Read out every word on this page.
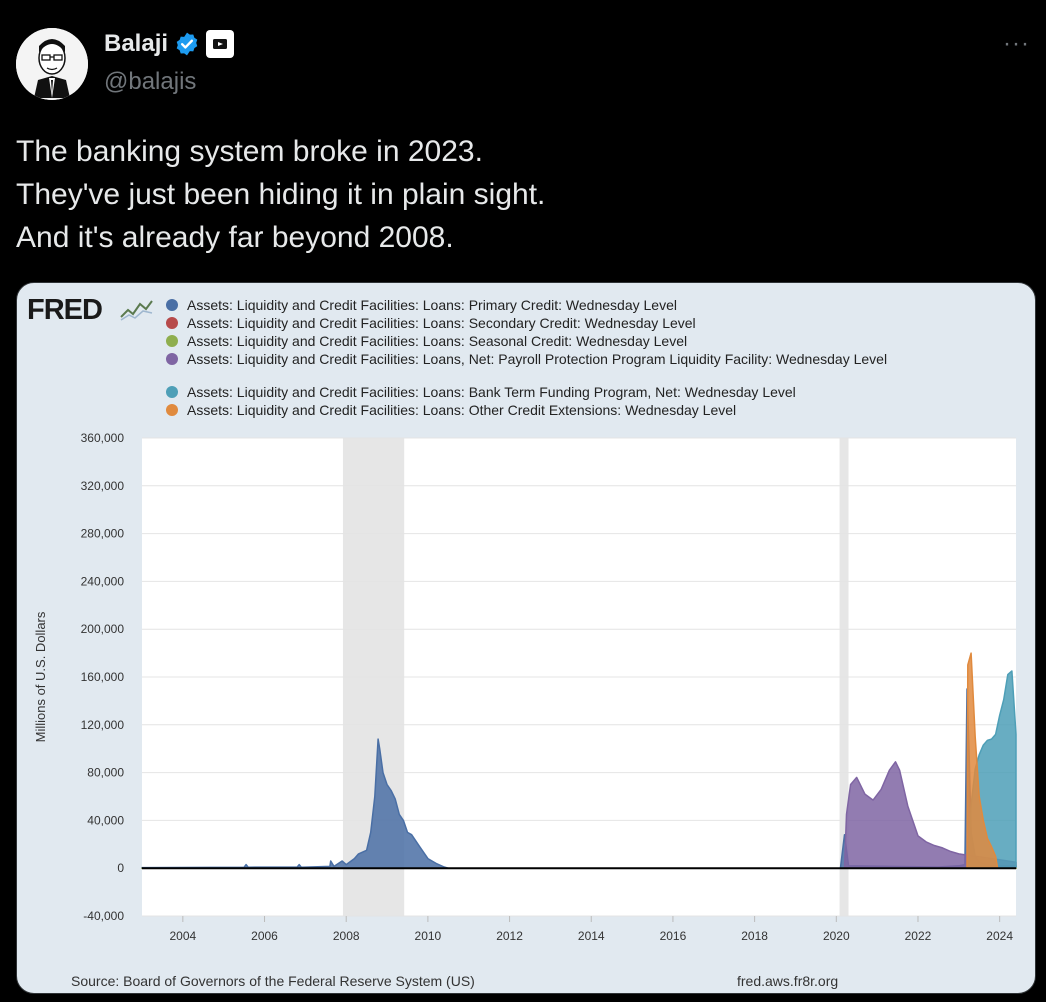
Balaji
@balajis
···
The banking system broke in 2023.
They've just been hiding it in plain sight.
And it's already far beyond 2008.
FRED	Assets: Liquidity and Credit Facilities: Loans: Primary Credit: Wednesday Level
Assets: Liquidity and Credit Facilities: Loans: Secondary Credit: Wednesday Level
Assets: Liquidity and Credit Facilities: Loans: Seasonal Credit: Wednesday Level
Assets: Liquidity and Credit Facilities: Loans, Net: Payroll Protection Program Liquidity Facility: Wednesday Level
Assets: Liquidity and Credit Facilities: Loans: Bank Term Funding Program, Net: Wednesday Level
Assets: Liquidity and Credit Facilities: Loans: Other Credit Extensions: Wednesday Level
-40,000
0
40,000
80,000
120,000
160,000
200,000
240,000
280,000
320,000
360,000
2004	2006	2008	2010	2012	2014	2016	2018	2020	2022	2024
Millions of U.S. Dollars
Source: Board of Governors of the Federal Reserve System (US)	fred.aws.fr8r.org
